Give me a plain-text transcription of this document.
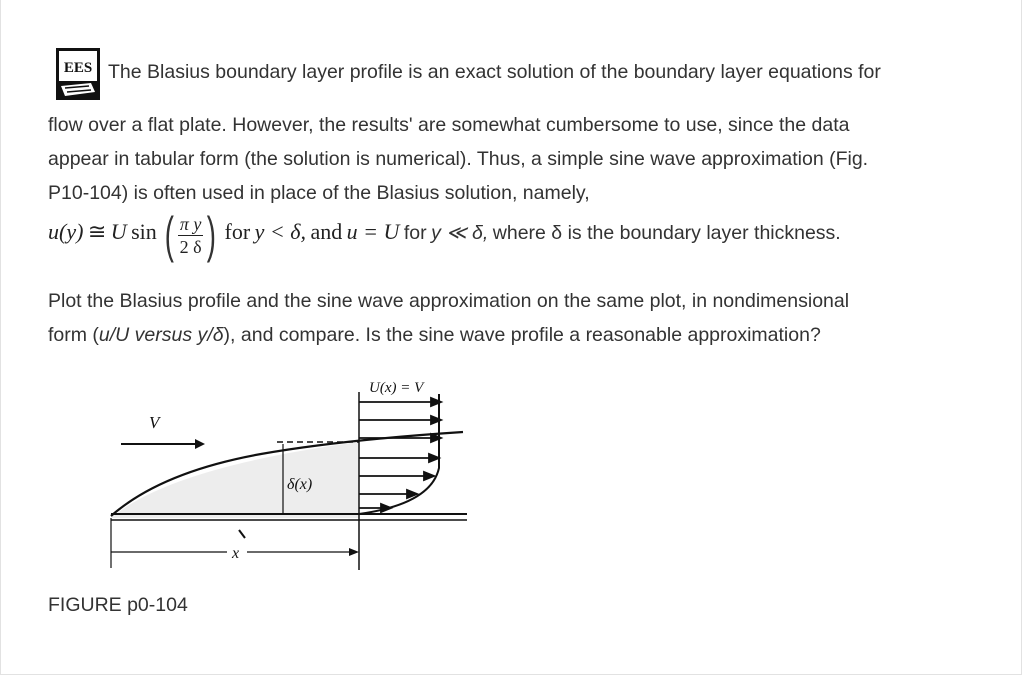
EES The Blasius boundary layer profile is an exact solution of the boundary layer equations for
flow over a flat plate. However, the results' are somewhat cumbersome to use, since the data
appear in tabular form (the solution is numerical). Thus, a simple sine wave approximation (Fig.
P10-104) is often used in place of the Blasius solution, namely,
u(y) ≅ U sin ( $\frac{\text{π y}}{2 \delta}$ ) for y < δ, and u = U for y ≪ δ, where δ is the boundary layer thickness.
Plot the Blasius profile and the sine wave approximation on the same plot, in nondimensional
form (u/U versus y/δ), and compare. Is the sine wave profile a reasonable approximation?
V
δ(x)
U(x) = V
x
FIGURE p0-104
